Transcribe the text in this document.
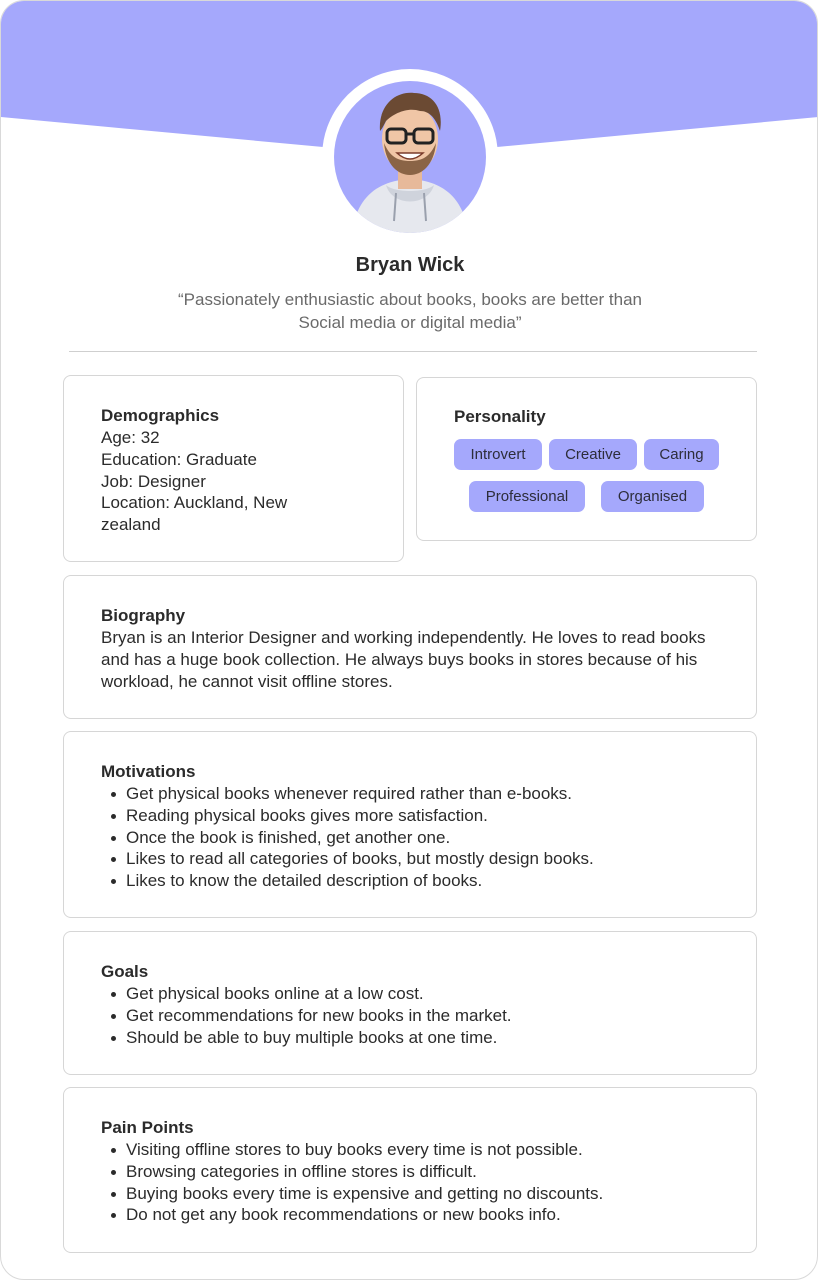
Bryan Wick
“Passionately enthusiastic about books, books are better than Social media or digital media”
Demographics
Age: 32
Education: Graduate
Job: Designer
Location: Auckland, New zealand
Personality
Introvert	Creative	Caring
Professional	Organised
Biography
Bryan is an Interior Designer and working independently. He loves to read books and has a huge book collection. He always buys books in stores because of his workload, he cannot visit offline stores.
Motivations
Get physical books whenever required rather than e-books.
Reading physical books gives more satisfaction.
Once the book is finished, get another one.
Likes to read all categories of books, but mostly design books.
Likes to know the detailed description of books.
Goals
Get physical books online at a low cost.
Get recommendations for new books in the market.
Should be able to buy multiple books at one time.
Pain Points
Visiting offline stores to buy books every time is not possible.
Browsing categories in offline stores is difficult.
Buying books every time is expensive and getting no discounts.
Do not get any book recommendations or new books info.
